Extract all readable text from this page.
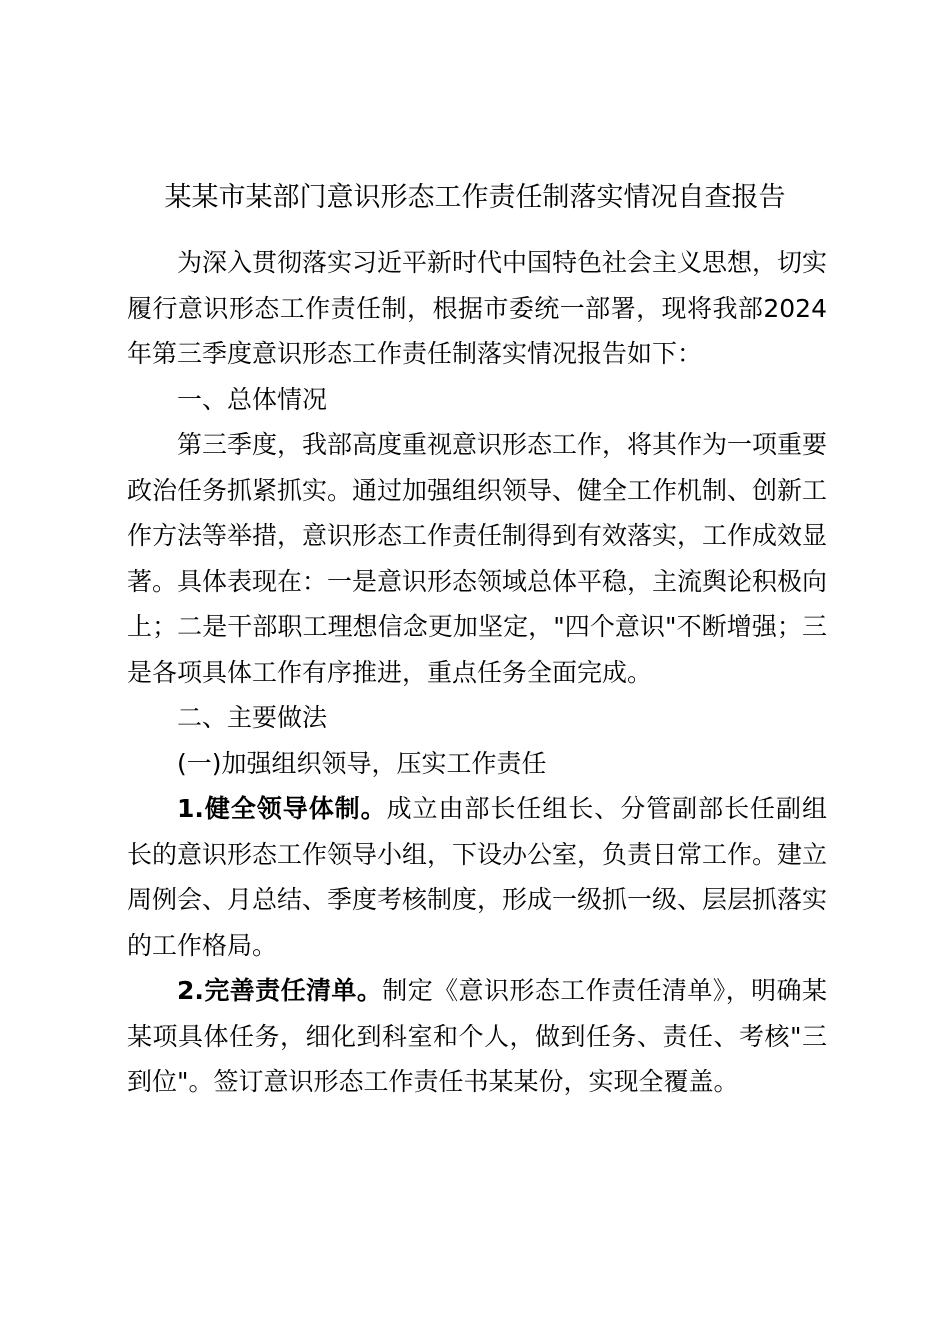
某某市某部门意识形态工作责任制落实情况自查报告

为深入贯彻落实习近平新时代中国特色社会主义思想，切实履行意识形态工作责任制，根据市委统一部署，现将我部2024年第三季度意识形态工作责任制落实情况报告如下：

一、总体情况

第三季度，我部高度重视意识形态工作，将其作为一项重要政治任务抓紧抓实。通过加强组织领导、健全工作机制、创新工作方法等举措，意识形态工作责任制得到有效落实，工作成效显著。具体表现在：一是意识形态领域总体平稳，主流舆论积极向上；二是干部职工理想信念更加坚定，"四个意识"不断增强；三是各项具体工作有序推进，重点任务全面完成。

二、主要做法

(一)加强组织领导，压实工作责任

1.健全领导体制。成立由部长任组长、分管副部长任副组长的意识形态工作领导小组，下设办公室，负责日常工作。建立周例会、月总结、季度考核制度，形成一级抓一级、层层抓落实的工作格局。

2.完善责任清单。制定《意识形态工作责任清单》，明确某某项具体任务，细化到科室和个人，做到任务、责任、考核"三到位"。签订意识形态工作责任书某某份，实现全覆盖。
